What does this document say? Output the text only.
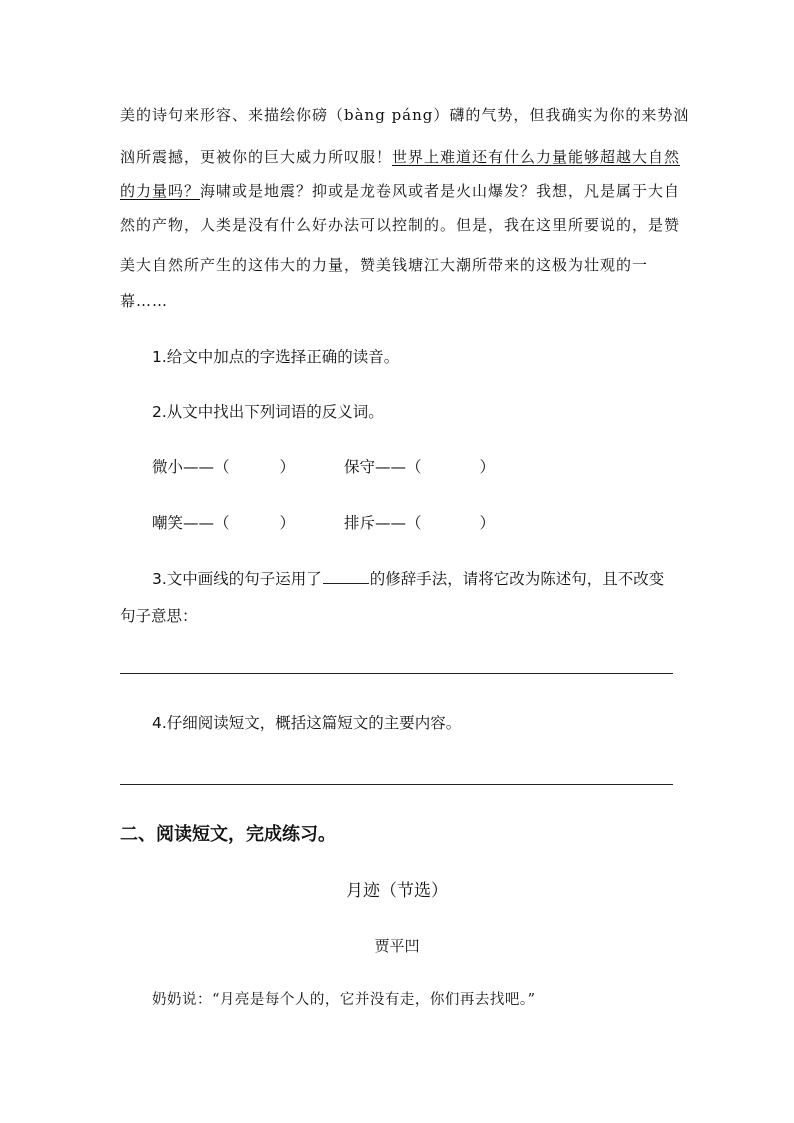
美的诗句来形容、来描绘你磅（bàng páng）礴的气势，但我确实为你的来势汹
汹所震撼，更被你的巨大威力所叹服！世界上难道还有什么力量能够超越大自然
的力量吗？海啸或是地震？抑或是龙卷风或者是火山爆发？我想，凡是属于大自
然的产物，人类是没有什么好办法可以控制的。但是，我在这里所要说的，是赞
美大自然所产生的这伟大的力量，赞美钱塘江大潮所带来的这极为壮观的一
幕……
1.给文中加点的字选择正确的读音。
2.从文中找出下列词语的反义词。
微小——（	）	保守——（	）
嘲笑——（	）	排斥——（	）
3.文中画线的句子运用了	的修辞手法，请将它改为陈述句，且不改变
句子意思：
4.仔细阅读短文，概括这篇短文的主要内容。
二、阅读短文，完成练习。
月迹（节选）
贾平凹
奶奶说：“月亮是每个人的，它并没有走，你们再去找吧。”
